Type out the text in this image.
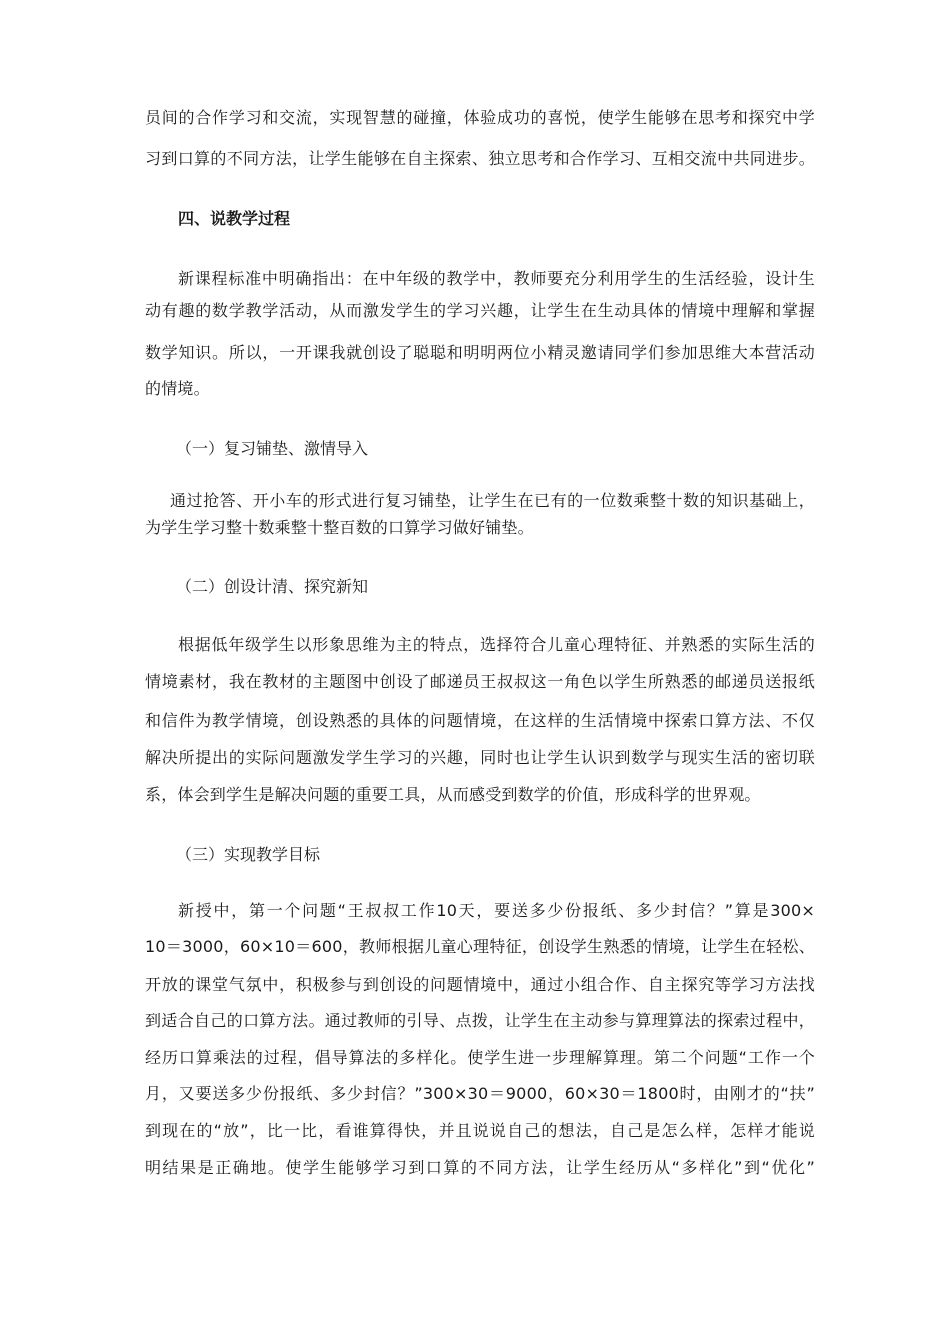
员间的合作学习和交流，实现智慧的碰撞，体验成功的喜悦，使学生能够在思考和探究中学
习到口算的不同方法，让学生能够在自主探索、独立思考和合作学习、互相交流中共同进步。
四、说教学过程
新课程标准中明确指出：在中年级的教学中，教师要充分利用学生的生活经验，设计生
动有趣的数学教学活动，从而激发学生的学习兴趣，让学生在生动具体的情境中理解和掌握
数学知识。所以，一开课我就创设了聪聪和明明两位小精灵邀请同学们参加思维大本营活动
的情境。
（一）复习铺垫、激情导入
通过抢答、开小车的形式进行复习铺垫，让学生在已有的一位数乘整十数的知识基础上，
为学生学习整十数乘整十整百数的口算学习做好铺垫。
（二）创设计清、探究新知
根据低年级学生以形象思维为主的特点，选择符合儿童心理特征、并熟悉的实际生活的
情境素材，我在教材的主题图中创设了邮递员王叔叔这一角色以学生所熟悉的邮递员送报纸
和信件为教学情境，创设熟悉的具体的问题情境，在这样的生活情境中探索口算方法、不仅
解决所提出的实际问题激发学生学习的兴趣，同时也让学生认识到数学与现实生活的密切联
系，体会到学生是解决问题的重要工具，从而感受到数学的价值，形成科学的世界观。
（三）实现教学目标
新授中，第一个问题“王叔叔工作10天，要送多少份报纸、多少封信？”算是300×
10＝3000，60×10＝600，教师根据儿童心理特征，创设学生熟悉的情境，让学生在轻松、
开放的课堂气氛中，积极参与到创设的问题情境中，通过小组合作、自主探究等学习方法找
到适合自己的口算方法。通过教师的引导、点拨，让学生在主动参与算理算法的探索过程中，
经历口算乘法的过程，倡导算法的多样化。使学生进一步理解算理。第二个问题“工作一个
月，又要送多少份报纸、多少封信？”300×30＝9000，60×30＝1800时，由刚才的“扶”
到现在的“放”，比一比，看谁算得快，并且说说自己的想法，自己是怎么样，怎样才能说
明结果是正确地。使学生能够学习到口算的不同方法，让学生经历从“多样化”到“优化”
